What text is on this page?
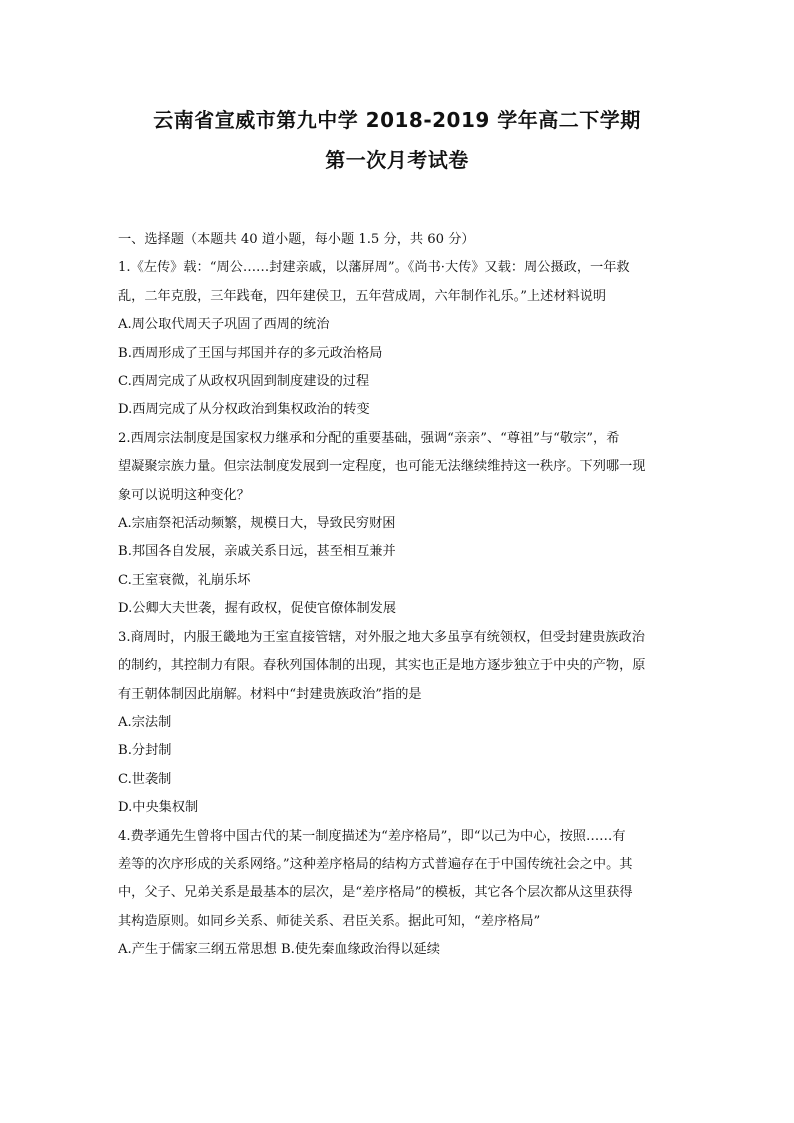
云南省宣威市第九中学 2018-2019 学年高二下学期
第一次月考试卷
一、选择题（本题共 40 道小题，每小题 1.5 分，共 60 分）
1.《左传》载：“周公……封建亲戚，以藩屏周”。《尚书·大传》又载：周公摄政，一年救
乱，二年克殷，三年践奄，四年建侯卫，五年营成周，六年制作礼乐。”上述材料说明
A.周公取代周天子巩固了西周的统治
B.西周形成了王国与邦国并存的多元政治格局
C.西周完成了从政权巩固到制度建设的过程
D.西周完成了从分权政治到集权政治的转变
2.西周宗法制度是国家权力继承和分配的重要基础，强调“亲亲”、“尊祖”与“敬宗”，希
望凝聚宗族力量。但宗法制度发展到一定程度，也可能无法继续维持这一秩序。下列哪一现
象可以说明这种变化？
A.宗庙祭祀活动频繁，规模日大，导致民穷财困
B.邦国各自发展，亲戚关系日远，甚至相互兼并
C.王室衰微，礼崩乐坏
D.公卿大夫世袭，握有政权，促使官僚体制发展
3.商周时，内服王畿地为王室直接管辖，对外服之地大多虽享有统领权，但受封建贵族政治
的制约，其控制力有限。春秋列国体制的出现，其实也正是地方逐步独立于中央的产物，原
有王朝体制因此崩解。材料中“封建贵族政治”指的是
A.宗法制
B.分封制
C.世袭制
D.中央集权制
4.费孝通先生曾将中国古代的某一制度描述为“差序格局”，即“以己为中心，按照……有
差等的次序形成的关系网络。”这种差序格局的结构方式普遍存在于中国传统社会之中。其
中，父子、兄弟关系是最基本的层次，是“差序格局”的模板，其它各个层次都从这里获得
其构造原则。如同乡关系、师徒关系、君臣关系。据此可知，“差序格局”
A.产生于儒家三纲五常思想 B.使先秦血缘政治得以延续
